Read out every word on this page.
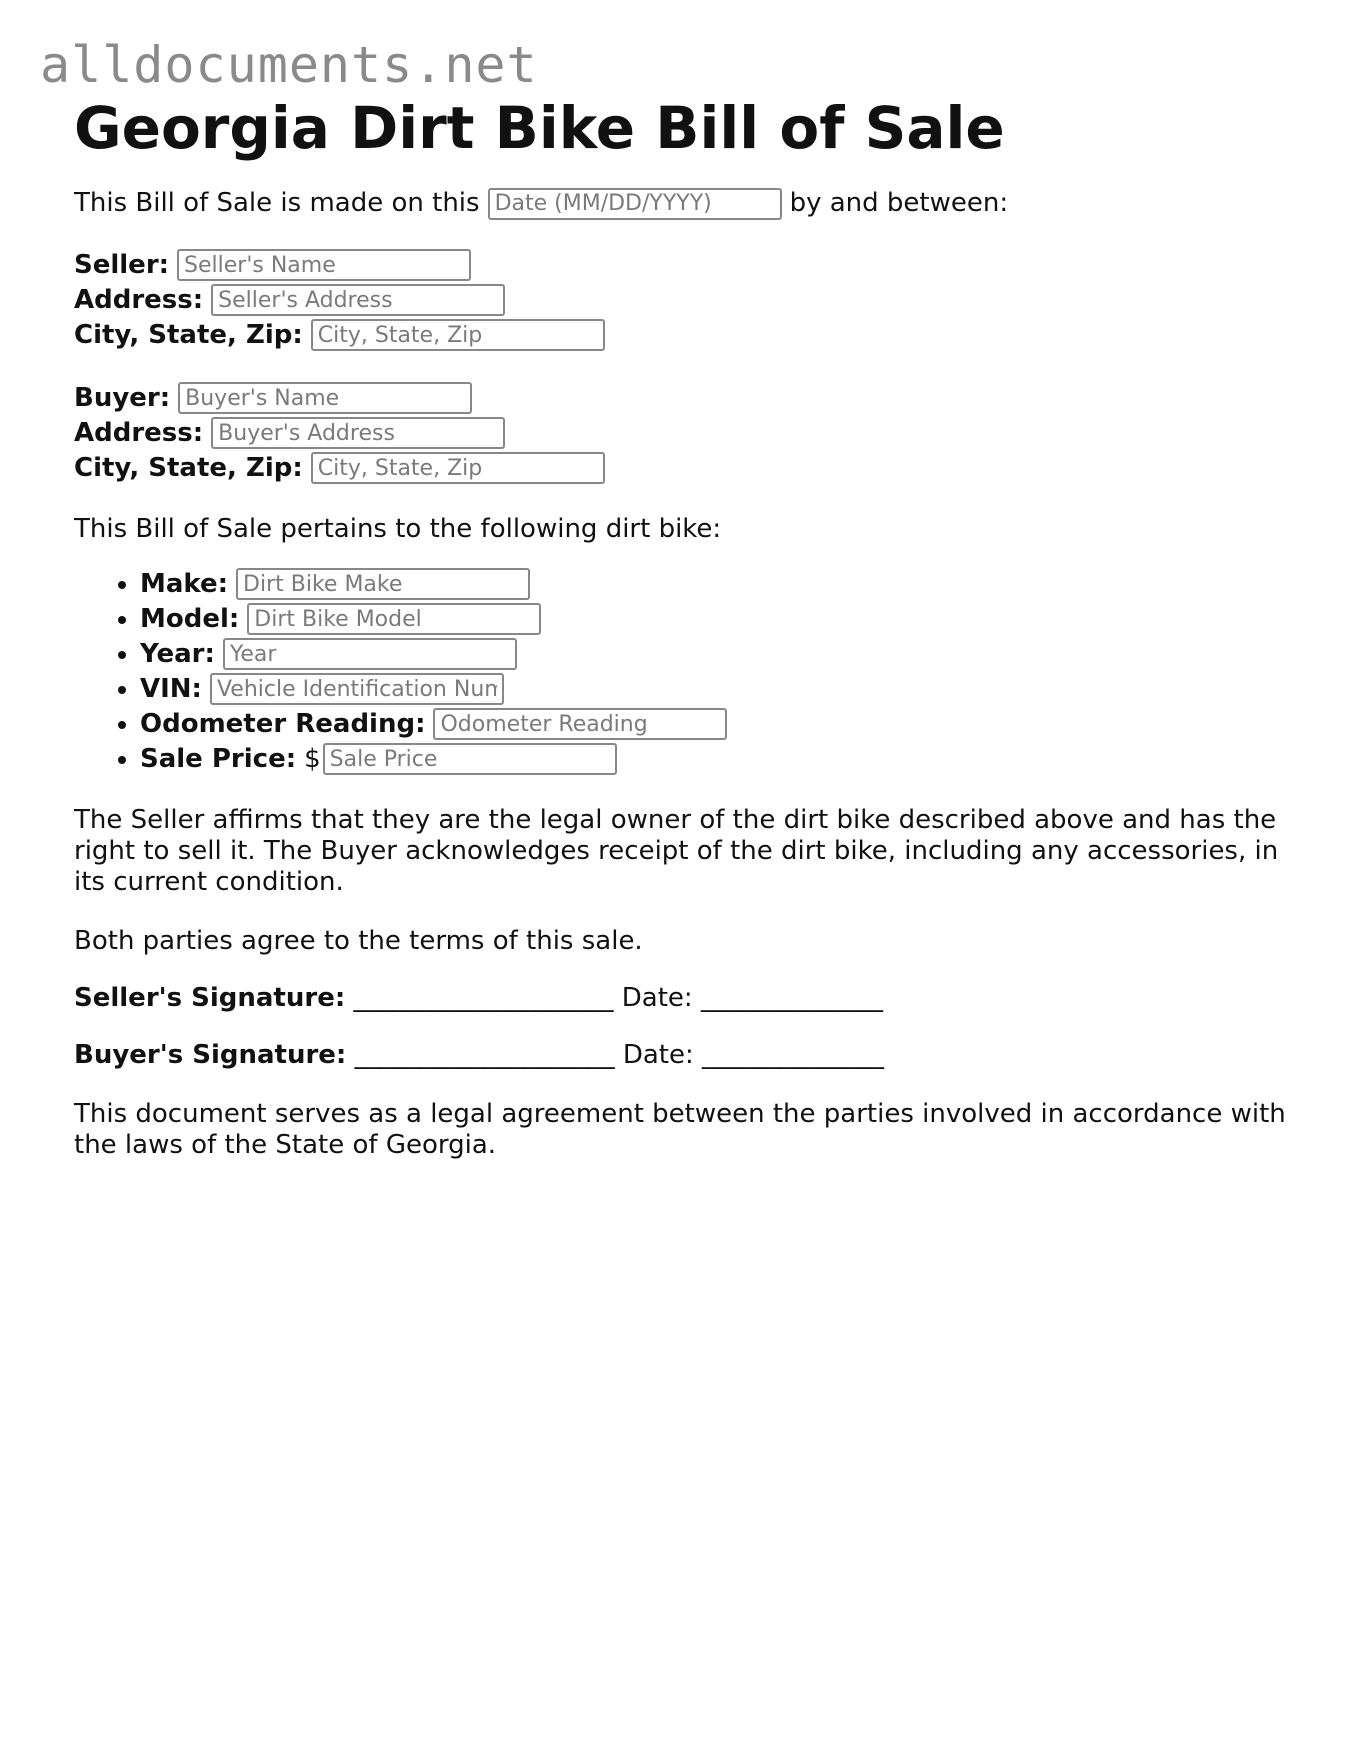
alldocuments.net
Georgia Dirt Bike Bill of Sale

This Bill of Sale is made on this

Date (MM/DD/YYYY)	by and between:

Seller:
Seller's Name
Address:
Seller's Address
City, State, Zip:
City, State, Zip
Buyer:
Buyer's Name
Address:
Buyer's Address
City, State, Zip:
City, State, Zip

This Bill of Sale pertains to the following dirt bike:

• Make:
Dirt Bike Make
• Model:
Dirt Bike Model
• Year:
Year
• VIN:
Vehicle Identification Number
• Odometer Reading:
Odometer Reading
• Sale Price: $
Sale Price

The Seller affirms that they are the legal owner of the dirt bike described above and has the right to sell it. The Buyer acknowledges receipt of the dirt bike, including any accessories, in its current condition.

Both parties agree to the terms of this sale.

Seller's Signature: ____________________ Date: ______________
Buyer's Signature: ____________________ Date: ______________

This document serves as a legal agreement between the parties involved in accordance with the laws of the State of Georgia.
